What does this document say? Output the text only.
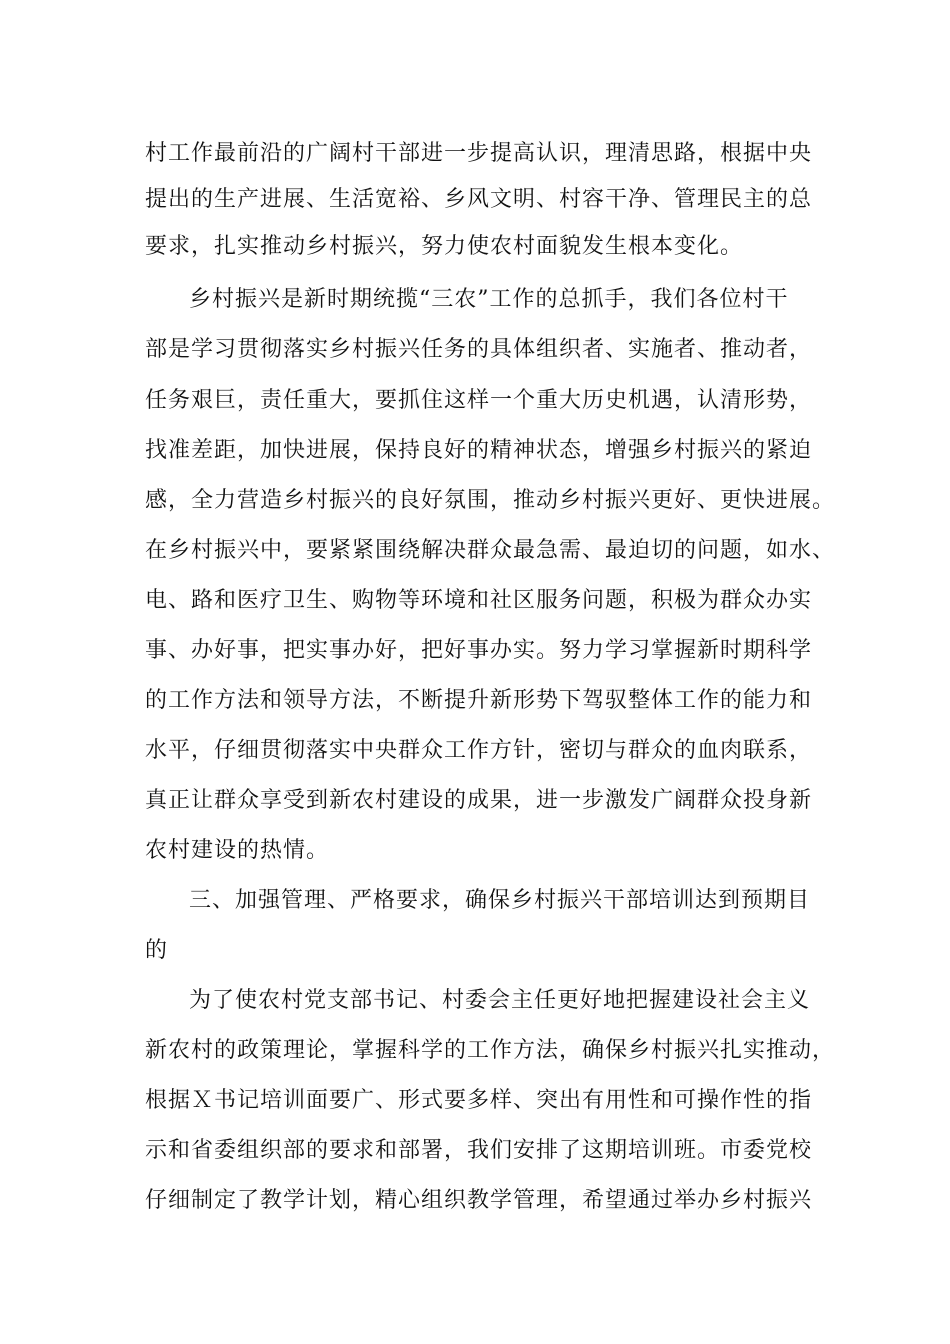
村工作最前沿的广阔村干部进一步提高认识，理清思路，根据中央
提出的生产进展、生活宽裕、乡风文明、村容干净、管理民主的总
要求，扎实推动乡村振兴，努力使农村面貌发生根本变化。
乡村振兴是新时期统揽“三农”工作的总抓手，我们各位村干
部是学习贯彻落实乡村振兴任务的具体组织者、实施者、推动者，
任务艰巨，责任重大，要抓住这样一个重大历史机遇，认清形势，
找准差距，加快进展，保持良好的精神状态，增强乡村振兴的紧迫
感，全力营造乡村振兴的良好氛围，推动乡村振兴更好、更快进展。
在乡村振兴中，要紧紧围绕解决群众最急需、最迫切的问题，如水、
电、路和医疗卫生、购物等环境和社区服务问题，积极为群众办实
事、办好事，把实事办好，把好事办实。努力学习掌握新时期科学
的工作方法和领导方法，不断提升新形势下驾驭整体工作的能力和
水平，仔细贯彻落实中央群众工作方针，密切与群众的血肉联系，
真正让群众享受到新农村建设的成果，进一步激发广阔群众投身新
农村建设的热情。
三、加强管理、严格要求，确保乡村振兴干部培训达到预期目
的
为了使农村党支部书记、村委会主任更好地把握建设社会主义
新农村的政策理论，掌握科学的工作方法，确保乡村振兴扎实推动，
根据Ｘ书记培训面要广、形式要多样、突出有用性和可操作性的指
示和省委组织部的要求和部署，我们安排了这期培训班。市委党校
仔细制定了教学计划，精心组织教学管理，希望通过举办乡村振兴
